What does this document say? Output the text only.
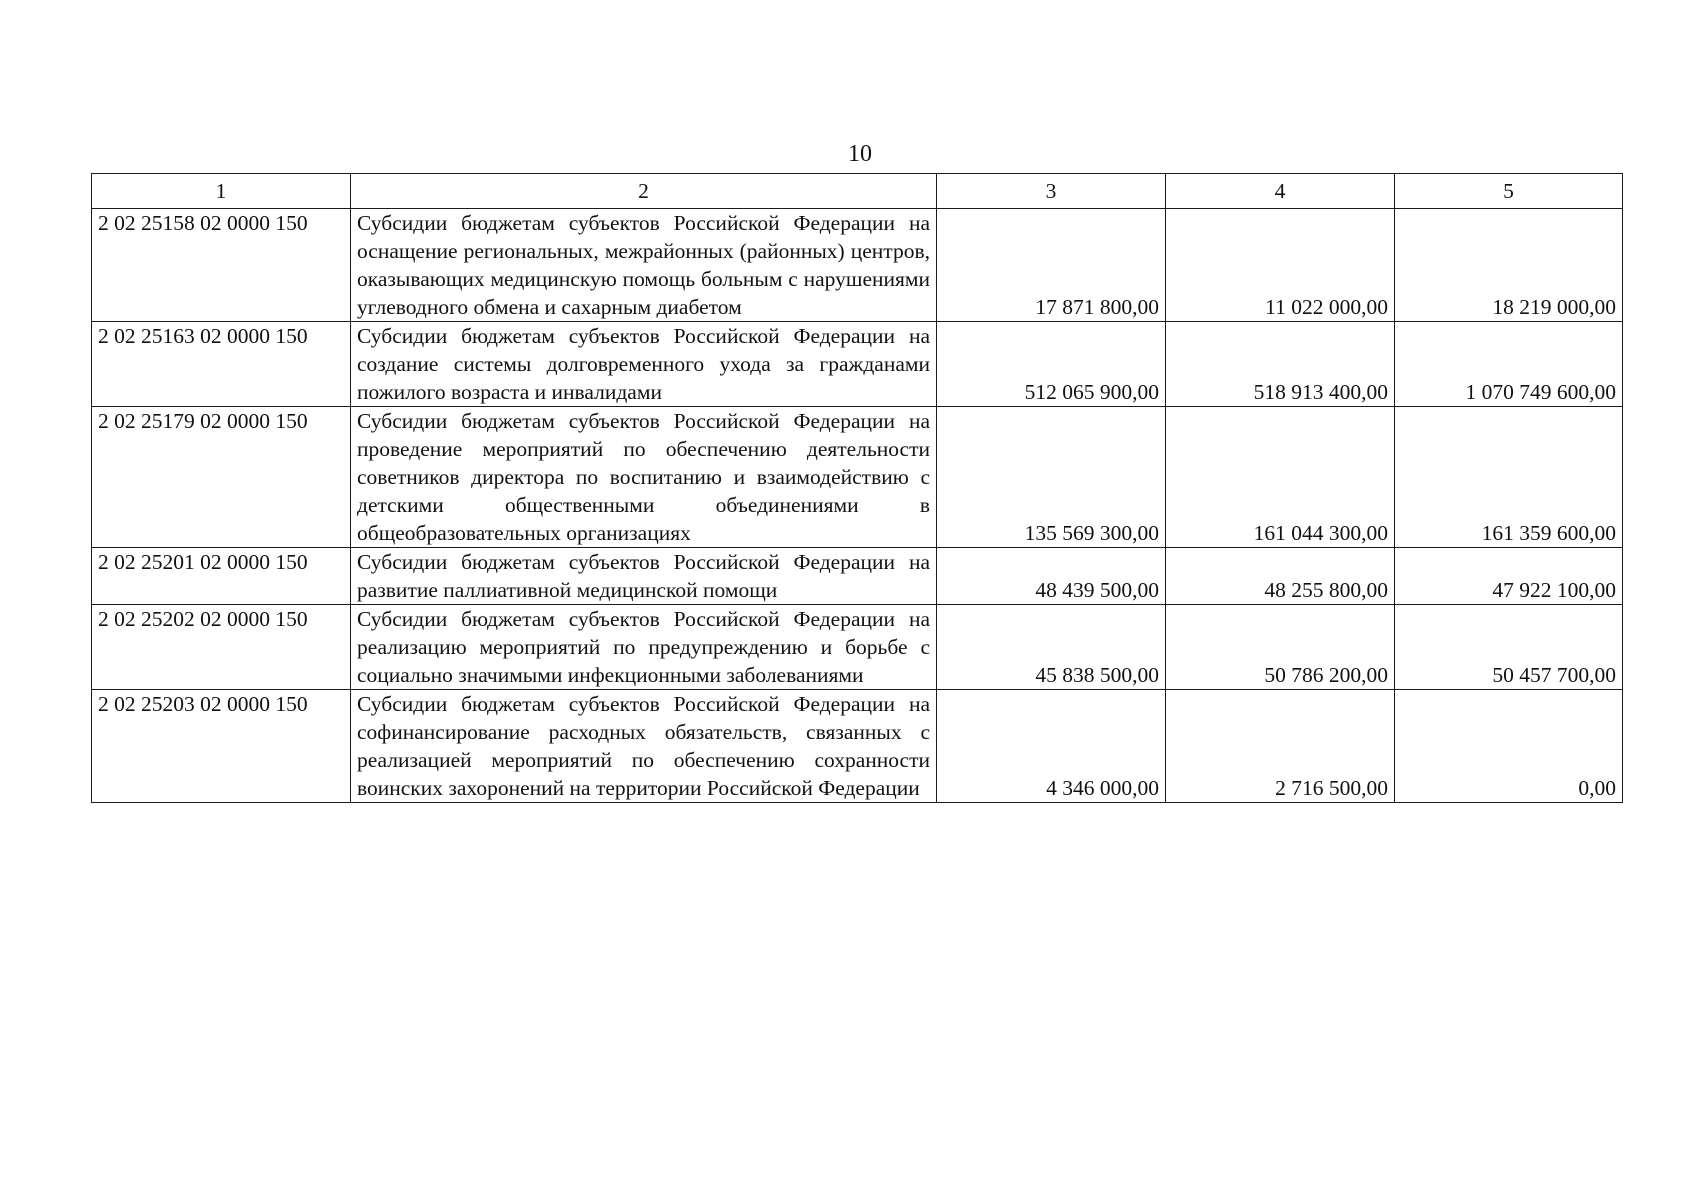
10
1	2	3	4	5
2 02 25158 02 0000 150	Субсидии бюджетам субъектов Российской Федерации на оснащение региональных, межрайонных (районных) центров, оказывающих медицинскую помощь больным с нарушениями углеводного обмена и сахарным диабетом	17 871 800,00	11 022 000,00	18 219 000,00
2 02 25163 02 0000 150	Субсидии бюджетам субъектов Российской Федерации на создание системы долговременного ухода за гражданами пожилого возраста и инвалидами	512 065 900,00	518 913 400,00	1 070 749 600,00
2 02 25179 02 0000 150	Субсидии бюджетам субъектов Российской Федерации на проведение мероприятий по обеспечению деятельности советников директора по воспитанию и взаимодействию с детскими общественными объединениями в общеобразовательных организациях	135 569 300,00	161 044 300,00	161 359 600,00
2 02 25201 02 0000 150	Субсидии бюджетам субъектов Российской Федерации на развитие паллиативной медицинской помощи	48 439 500,00	48 255 800,00	47 922 100,00
2 02 25202 02 0000 150	Субсидии бюджетам субъектов Российской Федерации на реализацию мероприятий по предупреждению и борьбе с социально значимыми инфекционными заболеваниями	45 838 500,00	50 786 200,00	50 457 700,00
2 02 25203 02 0000 150	Субсидии бюджетам субъектов Российской Федерации на софинансирование расходных обязательств, связанных с реализацией мероприятий по обеспечению сохранности воинских захоронений на территории Российской Федерации	4 346 000,00	2 716 500,00	0,00
